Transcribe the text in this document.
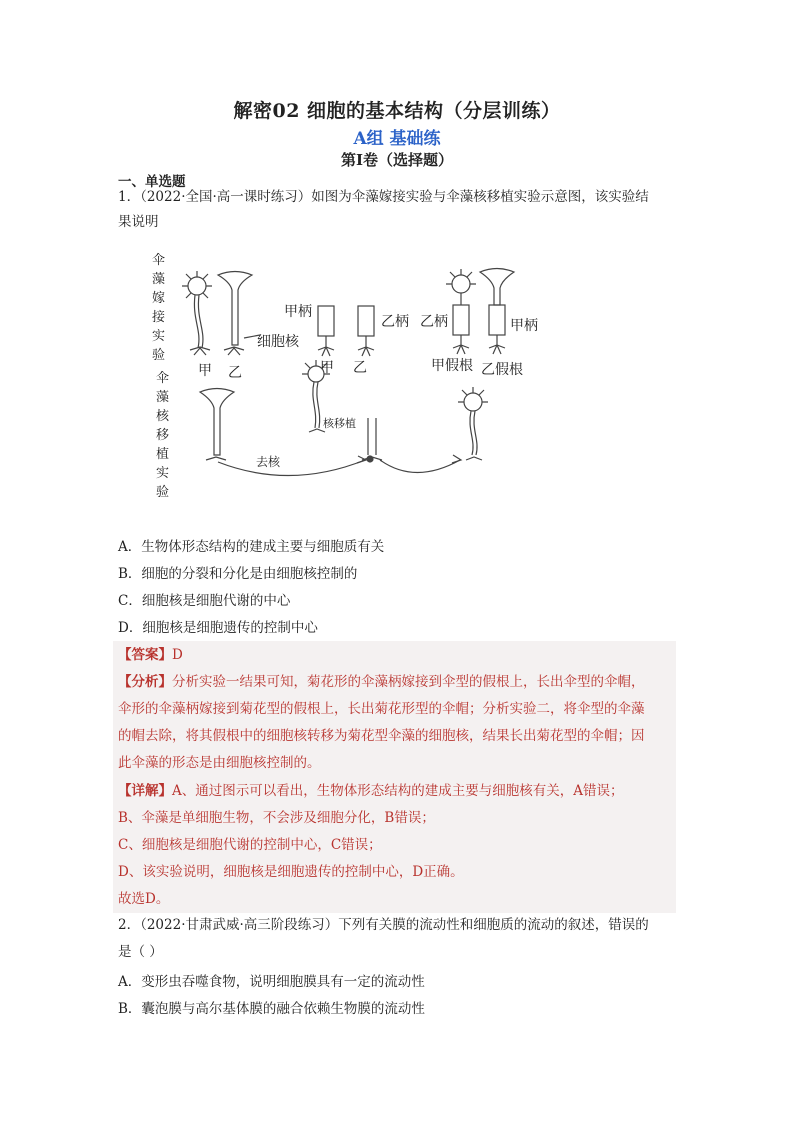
解密02 细胞的基本结构（分层训练）
A组 基础练
第Ⅰ卷（选择题）
一、单选题
1．（2022·全国·高一课时练习）如图为伞藻嫁接实验与伞藻核移植实验示意图，该实验结
果说明
伞
藻
嫁
接
实
验
伞
藻
核
移
植
实
验
甲 乙
细胞核
甲柄
乙柄 乙柄	甲柄
甲 乙	甲假根 乙假根
核移植
去核
A．生物体形态结构的建成主要与细胞质有关
B．细胞的分裂和分化是由细胞核控制的
C．细胞核是细胞代谢的中心
D．细胞核是细胞遗传的控制中心
【答案】D
【分析】分析实验一结果可知，菊花形的伞藻柄嫁接到伞型的假根上，长出伞型的伞帽，
伞形的伞藻柄嫁接到菊花型的假根上，长出菊花形型的伞帽；分析实验二，将伞型的伞藻
的帽去除，将其假根中的细胞核转移为菊花型伞藻的细胞核，结果长出菊花型的伞帽；因
此伞藻的形态是由细胞核控制的。
【详解】A、通过图示可以看出，生物体形态结构的建成主要与细胞核有关，A错误；
B、伞藻是单细胞生物，不会涉及细胞分化，B错误；
C、细胞核是细胞代谢的控制中心，C错误；
D、该实验说明，细胞核是细胞遗传的控制中心，D正确。
故选D。
2．（2022·甘肃武威·高三阶段练习）下列有关膜的流动性和细胞质的流动的叙述，错误的
是（ ）
A．变形虫吞噬食物，说明细胞膜具有一定的流动性
B．囊泡膜与高尔基体膜的融合依赖生物膜的流动性
